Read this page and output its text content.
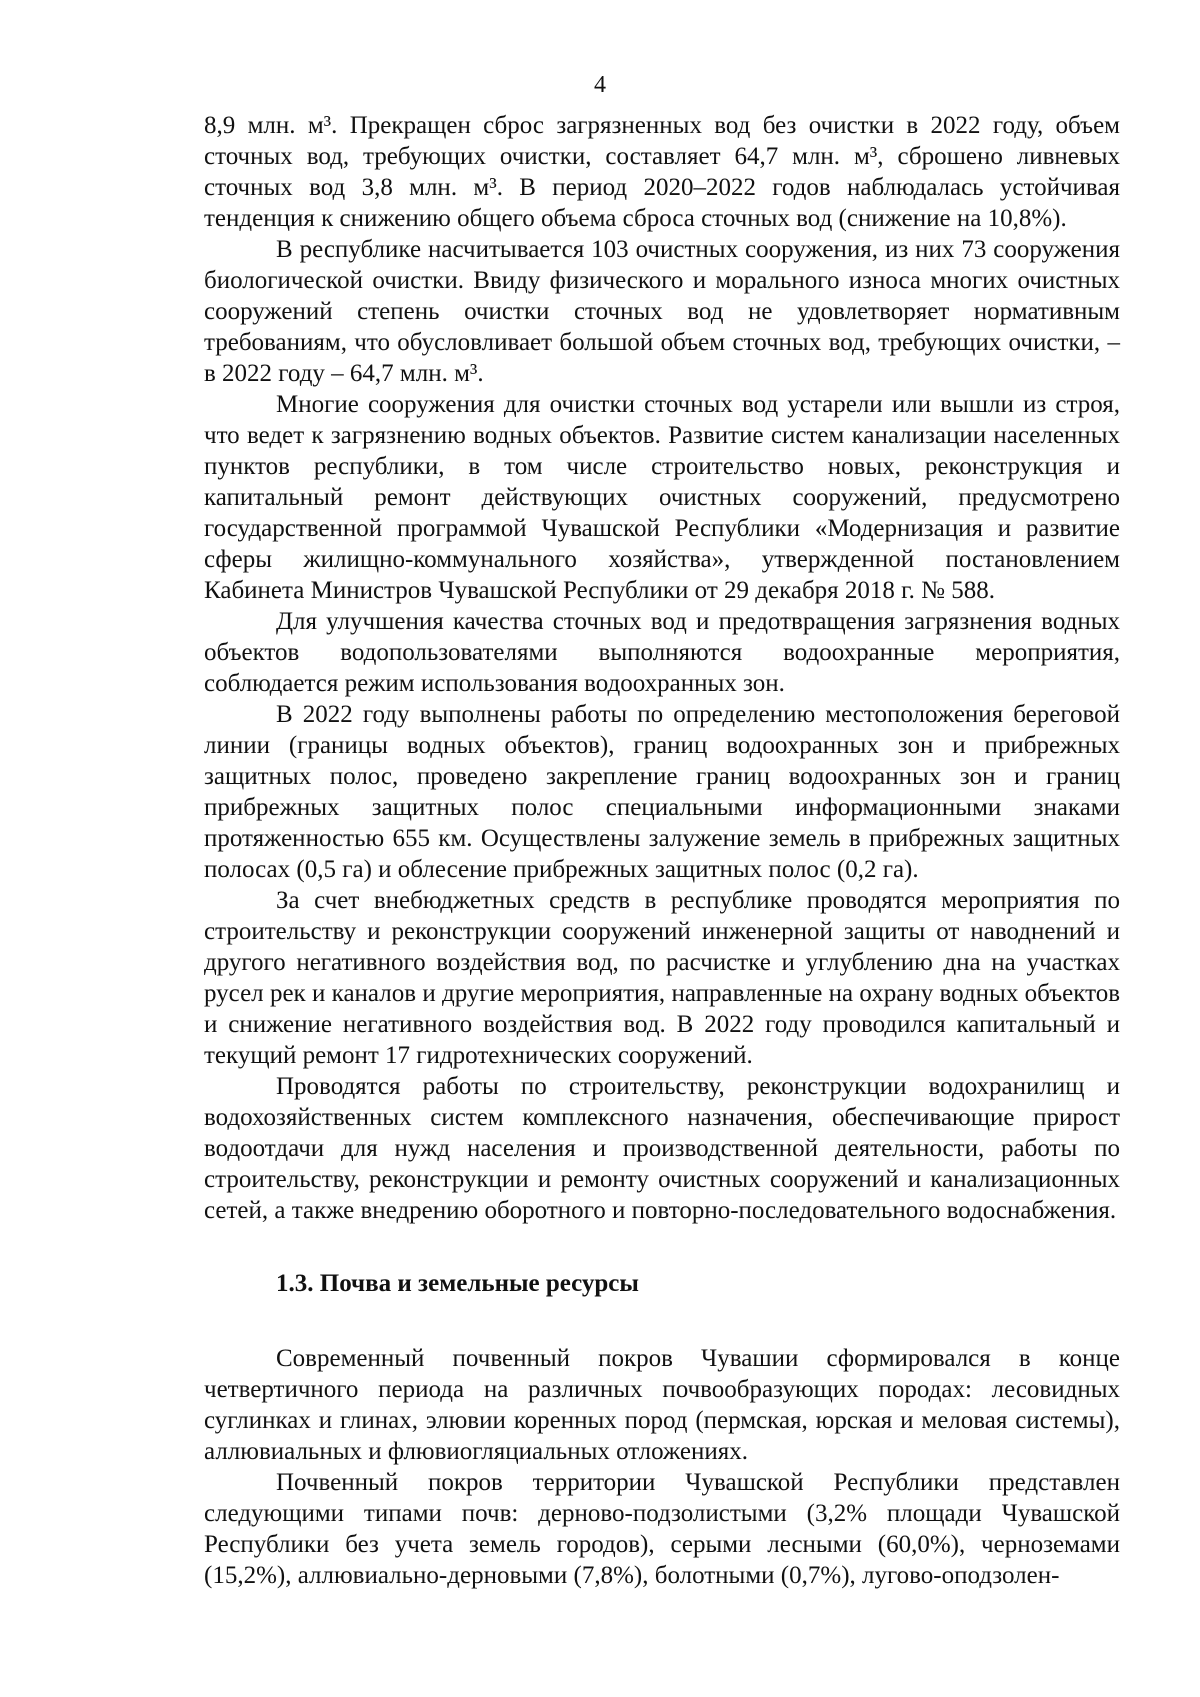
4

8,9 млн. м³. Прекращен сброс загрязненных вод без очистки в 2022 году, объем сточных вод, требующих очистки, составляет 64,7 млн. м³, сброшено ливневых сточных вод 3,8 млн. м³. В период 2020–2022 годов наблюдалась устойчивая тенденция к снижению общего объема сброса сточных вод (снижение на 10,8%).

В республике насчитывается 103 очистных сооружения, из них 73 сооружения биологической очистки. Ввиду физического и морального износа многих очистных сооружений степень очистки сточных вод не удовлетворяет нормативным требованиям, что обусловливает большой объем сточных вод, требующих очистки, – в 2022 году – 64,7 млн. м³.

Многие сооружения для очистки сточных вод устарели или вышли из строя, что ведет к загрязнению водных объектов. Развитие систем канализации населенных пунктов республики, в том числе строительство новых, реконструкция и капитальный ремонт действующих очистных сооружений, предусмотрено государственной программой Чувашской Республики «Модернизация и развитие сферы жилищно-коммунального хозяйства», утвержденной постановлением Кабинета Министров Чувашской Республики от 29 декабря 2018 г. № 588.

Для улучшения качества сточных вод и предотвращения загрязнения водных объектов водопользователями выполняются водоохранные мероприятия, соблюдается режим использования водоохранных зон.

В 2022 году выполнены работы по определению местоположения береговой линии (границы водных объектов), границ водоохранных зон и прибрежных защитных полос, проведено закрепление границ водоохранных зон и границ прибрежных защитных полос специальными информационными знаками протяженностью 655 км. Осуществлены залужение земель в прибрежных защитных полосах (0,5 га) и облесение прибрежных защитных полос (0,2 га).

За счет внебюджетных средств в республике проводятся мероприятия по строительству и реконструкции сооружений инженерной защиты от наводнений и другого негативного воздействия вод, по расчистке и углублению дна на участках русел рек и каналов и другие мероприятия, направленные на охрану водных объектов и снижение негативного воздействия вод. В 2022 году проводился капитальный и текущий ремонт 17 гидротехнических сооружений.

Проводятся работы по строительству, реконструкции водохранилищ и водохозяйственных систем комплексного назначения, обеспечивающие прирост водоотдачи для нужд населения и производственной деятельности, работы по строительству, реконструкции и ремонту очистных сооружений и канализационных сетей, а также внедрению оборотного и повторно-последовательного водоснабжения.

1.3. Почва и земельные ресурсы

Современный почвенный покров Чувашии сформировался в конце четвертичного периода на различных почвообразующих породах: лесовидных суглинках и глинах, элювии коренных пород (пермская, юрская и меловая системы), аллювиальных и флювиогляциальных отложениях.

Почвенный покров территории Чувашской Республики представлен следующими типами почв: дерново-подзолистыми (3,2% площади Чувашской Республики без учета земель городов), серыми лесными (60,0%), черноземами (15,2%), аллювиально-дерновыми (7,8%), болотными (0,7%), лугово-оподзолен-
